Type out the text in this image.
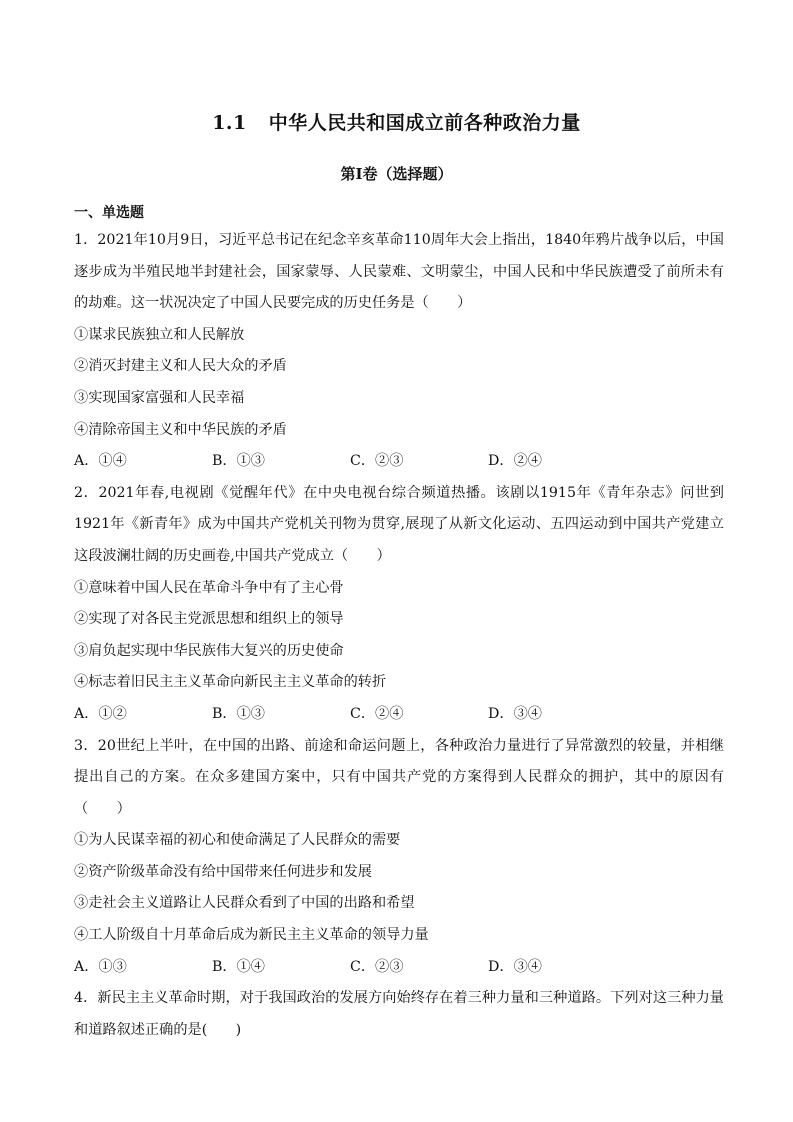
1.1 中华人民共和国成立前各种政治力量
第I卷（选择题）
一、单选题
1．2021年10月9日，习近平总书记在纪念辛亥革命110周年大会上指出，1840年鸦片战争以后，中国逐步成为半殖民地半封建社会，国家蒙辱、人民蒙难、文明蒙尘，中国人民和中华民族遭受了前所未有的劫难。这一状况决定了中国人民要完成的历史任务是（　　）
①谋求民族独立和人民解放
②消灭封建主义和人民大众的矛盾
③实现国家富强和人民幸福
④清除帝国主义和中华民族的矛盾
A．①④	B．①③	C．②③	D．②④
2．2021年春,电视剧《觉醒年代》在中央电视台综合频道热播。该剧以1915年《青年杂志》问世到1921年《新青年》成为中国共产党机关刊物为贯穿,展现了从新文化运动、五四运动到中国共产党建立这段波澜壮阔的历史画卷,中国共产党成立（　　）
①意味着中国人民在革命斗争中有了主心骨
②实现了对各民主党派思想和组织上的领导
③肩负起实现中华民族伟大复兴的历史使命
④标志着旧民主主义革命向新民主主义革命的转折
A．①②	B．①③	C．②④	D．③④
3．20世纪上半叶，在中国的出路、前途和命运问题上，各种政治力量进行了异常激烈的较量，并相继提出自己的方案。在众多建国方案中，只有中国共产党的方案得到人民群众的拥护，其中的原因有（　　）
①为人民谋幸福的初心和使命满足了人民群众的需要
②资产阶级革命没有给中国带来任何进步和发展
③走社会主义道路让人民群众看到了中国的出路和希望
④工人阶级自十月革命后成为新民主主义革命的领导力量
A．①③	B．①④	C．②③	D．③④
4．新民主主义革命时期，对于我国政治的发展方向始终存在着三种力量和三种道路。下列对这三种力量和道路叙述正确的是(　　)
